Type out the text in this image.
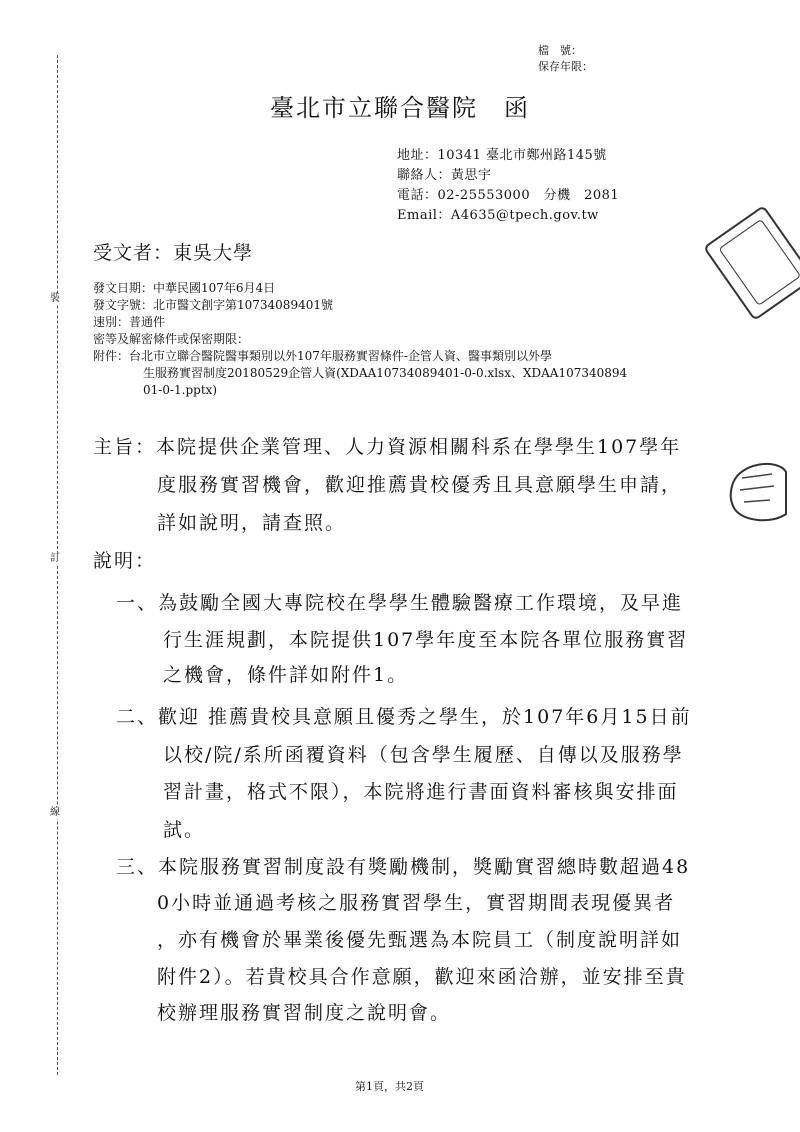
裝
訂
線
檔　號：
保存年限：
臺北市立聯合醫院　函
地址：10341 臺北市鄭州路145號
聯絡人：黃思宇
電話：02-25553000　分機　2081
Email：A4635@tpech.gov.tw
受文者：東吳大學
發文日期：中華民國107年6月4日
發文字號：北市醫文創字第10734089401號
速別：普通件
密等及解密條件或保密期限：
附件：台北市立聯合醫院醫事類別以外107年服務實習條件-企管人資、醫事類別以外學
生服務實習制度20180529企管人資(XDAA10734089401-0-0.xlsx、XDAA107340894
01-0-1.pptx)
主旨：本院提供企業管理、人力資源相關科系在學學生107學年
度服務實習機會，歡迎推薦貴校優秀且具意願學生申請，
詳如說明，請查照。
說明：
一、為鼓勵全國大專院校在學學生體驗醫療工作環境，及早進
行生涯規劃，本院提供107學年度至本院各單位服務實習
之機會，條件詳如附件1。
二、歡迎 推薦貴校具意願且優秀之學生，於107年6月15日前
以校/院/系所函覆資料（包含學生履歷、自傳以及服務學
習計畫，格式不限），本院將進行書面資料審核與安排面
試。
三、本院服務實習制度設有獎勵機制，獎勵實習總時數超過48
0小時並通過考核之服務實習學生，實習期間表現優異者
，亦有機會於畢業後優先甄選為本院員工（制度說明詳如
附件2）。若貴校具合作意願，歡迎來函洽辦，並安排至貴
校辦理服務實習制度之說明會。
第1頁，共2頁
